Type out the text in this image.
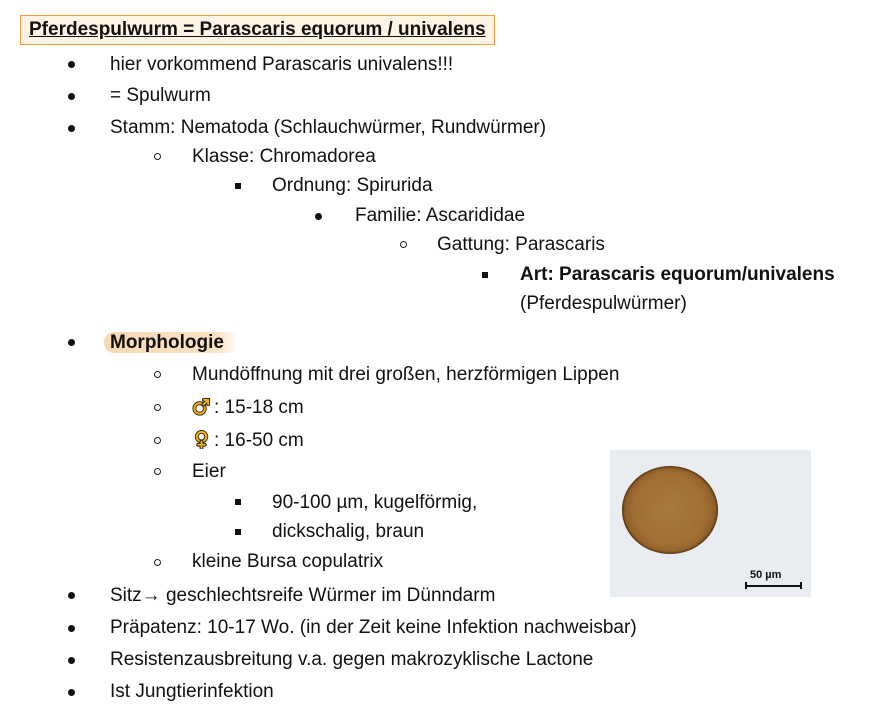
Pferdespulwurm = Parascaris equorum / univalens
hier vorkommend Parascaris univalens!!!
= Spulwurm
Stamm: Nematoda (Schlauchwürmer, Rundwürmer)
Klasse: Chromadorea
Ordnung: Spirurida
Familie: Ascarididae
Gattung: Parascaris
Art: Parascaris equorum/univalens
(Pferdespulwürmer)
Morphologie
Mundöffnung mit drei großen, herzförmigen Lippen
: 15-18 cm
: 16-50 cm
Eier
90-100 µm, kugelförmig,
dickschalig, braun
kleine Bursa copulatrix
Sitz→ geschlechtsreife Würmer im Dünndarm
Präpatenz: 10-17 Wo. (in der Zeit keine Infektion nachweisbar)
Resistenzausbreitung v.a. gegen makrozyklische Lactone
Ist Jungtierinfektion
50 µm
